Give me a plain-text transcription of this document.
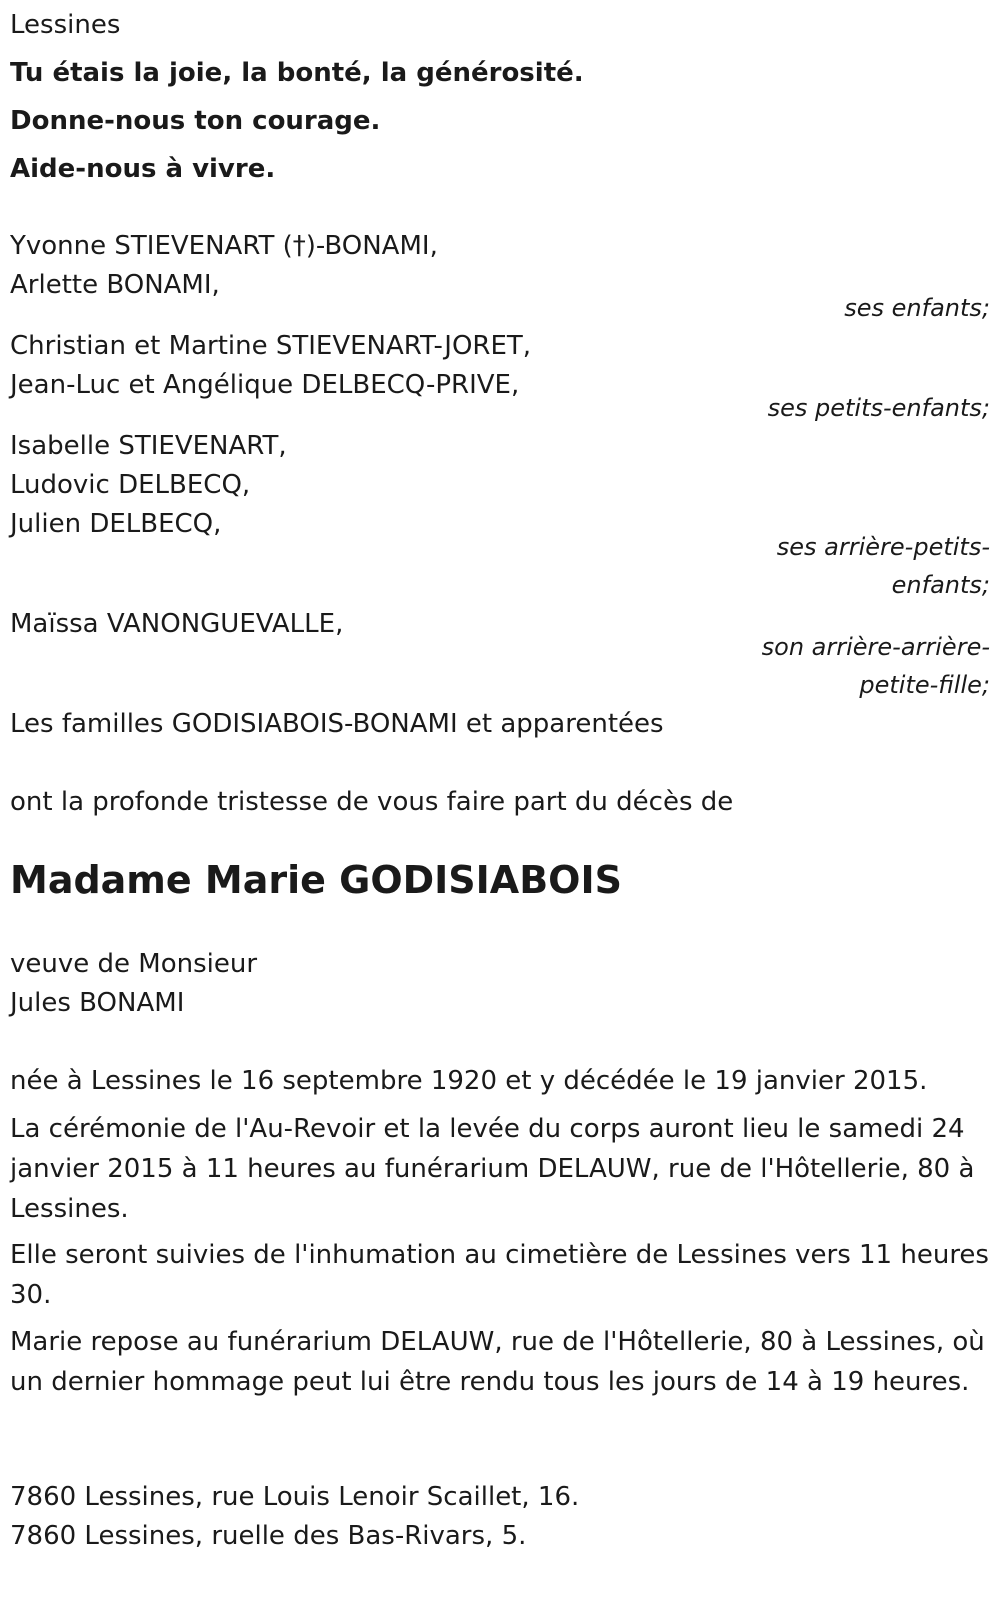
Lessines
Tu étais la joie, la bonté, la générosité.
Donne-nous ton courage.
Aide-nous à vivre.
Yvonne STIEVENART (†)-BONAMI,
Arlette BONAMI,
ses enfants;
Christian et Martine STIEVENART-JORET,
Jean-Luc et Angélique DELBECQ-PRIVE,
ses petits-enfants;
Isabelle STIEVENART,
Ludovic DELBECQ,
Julien DELBECQ,
ses arrière-petits-
enfants;
Maïssa VANONGUEVALLE,
son arrière-arrière-
petite-fille;
Les familles GODISIABOIS-BONAMI et apparentées
ont la profonde tristesse de vous faire part du décès de
Madame Marie GODISIABOIS
veuve de Monsieur
Jules BONAMI
née à Lessines le 16 septembre 1920 et y décédée le 19 janvier 2015.
La cérémonie de l'Au-Revoir et la levée du corps auront lieu le samedi 24 janvier 2015 à 11 heures au funérarium DELAUW, rue de l'Hôtellerie, 80 à Lessines.
Elle seront suivies de l'inhumation au cimetière de Lessines vers 11 heures 30.
Marie repose au funérarium DELAUW, rue de l'Hôtellerie, 80 à Lessines, où un dernier hommage peut lui être rendu tous les jours de 14 à 19 heures.
7860 Lessines, rue Louis Lenoir Scaillet, 16.
7860 Lessines, ruelle des Bas-Rivars, 5.
